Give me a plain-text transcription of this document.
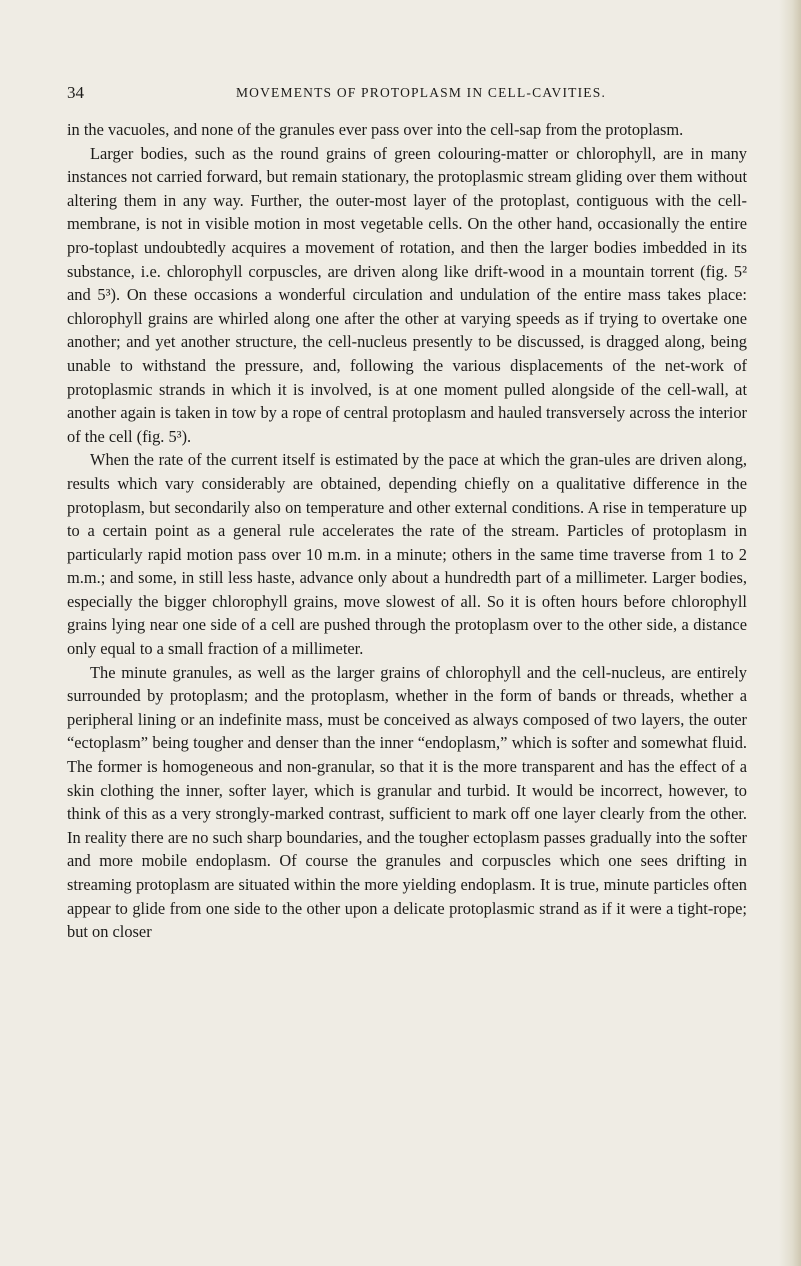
34	MOVEMENTS OF PROTOPLASM IN CELL-CAVITIES.

in the vacuoles, and none of the granules ever pass over into the cell-sap from the protoplasm.

Larger bodies, such as the round grains of green colouring-matter or chlorophyll, are in many instances not carried forward, but remain stationary, the protoplasmic stream gliding over them without altering them in any way. Further, the outer-most layer of the protoplast, contiguous with the cell-membrane, is not in visible motion in most vegetable cells. On the other hand, occasionally the entire pro-toplast undoubtedly acquires a movement of rotation, and then the larger bodies imbedded in its substance, i.e. chlorophyll corpuscles, are driven along like drift-wood in a mountain torrent (fig. 5² and 5³). On these occasions a wonderful circulation and undulation of the entire mass takes place: chlorophyll grains are whirled along one after the other at varying speeds as if trying to overtake one another; and yet another structure, the cell-nucleus presently to be discussed, is dragged along, being unable to withstand the pressure, and, following the various displacements of the net-work of protoplasmic strands in which it is involved, is at one moment pulled alongside of the cell-wall, at another again is taken in tow by a rope of central protoplasm and hauled transversely across the interior of the cell (fig. 5³).

When the rate of the current itself is estimated by the pace at which the gran-ules are driven along, results which vary considerably are obtained, depending chiefly on a qualitative difference in the protoplasm, but secondarily also on temperature and other external conditions. A rise in temperature up to a certain point as a general rule accelerates the rate of the stream. Particles of protoplasm in particularly rapid motion pass over 10 m.m. in a minute; others in the same time traverse from 1 to 2 m.m.; and some, in still less haste, advance only about a hundredth part of a millimeter. Larger bodies, especially the bigger chlorophyll grains, move slowest of all. So it is often hours before chlorophyll grains lying near one side of a cell are pushed through the protoplasm over to the other side, a distance only equal to a small fraction of a millimeter.

The minute granules, as well as the larger grains of chlorophyll and the cell-nucleus, are entirely surrounded by protoplasm; and the protoplasm, whether in the form of bands or threads, whether a peripheral lining or an indefinite mass, must be conceived as always composed of two layers, the outer “ectoplasm” being tougher and denser than the inner “endoplasm,” which is softer and somewhat fluid. The former is homogeneous and non-granular, so that it is the more transparent and has the effect of a skin clothing the inner, softer layer, which is granular and turbid. It would be incorrect, however, to think of this as a very strongly-marked contrast, sufficient to mark off one layer clearly from the other. In reality there are no such sharp boundaries, and the tougher ectoplasm passes gradually into the softer and more mobile endoplasm. Of course the granules and corpuscles which one sees drifting in streaming protoplasm are situated within the more yielding endoplasm. It is true, minute particles often appear to glide from one side to the other upon a delicate protoplasmic strand as if it were a tight-rope; but on closer
